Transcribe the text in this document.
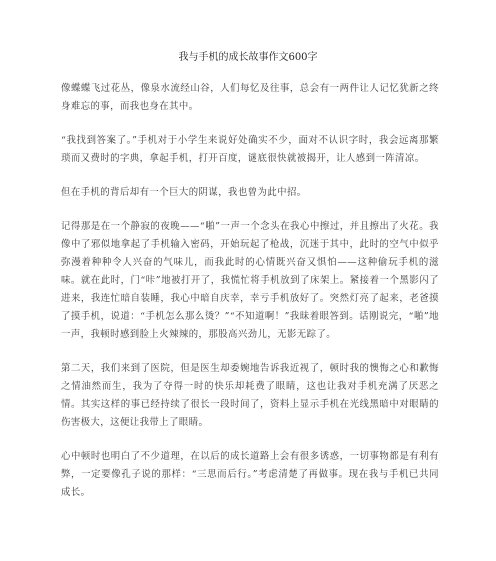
我与手机的成长故事作文600字

像蝶蝶飞过花丛，像泉水流经山谷，人们每忆及往事，总会有一两件让人记忆犹新之终身难忘的事，而我也身在其中。

“我找到答案了。”手机对于小学生来说好处确实不少，面对不认识字时，我会远离那繁琐而又费时的字典，拿起手机，打开百度，谜底很快就被揭开，让人感到一阵清凉。

但在手机的背后却有一个巨大的阴谋，我也曾为此中招。

记得那是在一个静寂的夜晚——“啪”一声一个念头在我心中擦过，并且擦出了火花。我像中了邪似地拿起了手机输入密码，开始玩起了枪战，沉迷于其中，此时的空气中似乎弥漫着种种令人兴奋的气味儿，而我此时的心情既兴奋又惧怕——这种偷玩手机的滋味。就在此时，门“咔”地被打开了，我慌忙将手机放到了床架上。紧接着一个黑影闪了进来，我连忙暗自装睡，我心中暗自庆幸，幸亏手机放好了。突然灯亮了起来，老爸摸了摸手机，说道：“手机怎么那么烫？”“不知道啊！”我昧着眼答到。话刚说完，“啪”地一声，我顿时感到脸上火辣辣的，那股高兴劲儿，无影无踪了。

第二天，我们来到了医院，但是医生却委婉地告诉我近视了，顿时我的懊悔之心和歉悔之情油然而生，我为了夺得一时的快乐却耗费了眼睛，这也让我对手机充满了厌恶之情。其实这样的事已经持续了很长一段时间了，资料上显示手机在光线黑暗中对眼睛的伤害极大，这便让我带上了眼睛。

心中顿时也明白了不少道理，在以后的成长道路上会有很多诱惑，一切事物都是有利有弊，一定要像孔子说的那样：“三思而后行。”考虑清楚了再做事。现在我与手机已共同成长。
